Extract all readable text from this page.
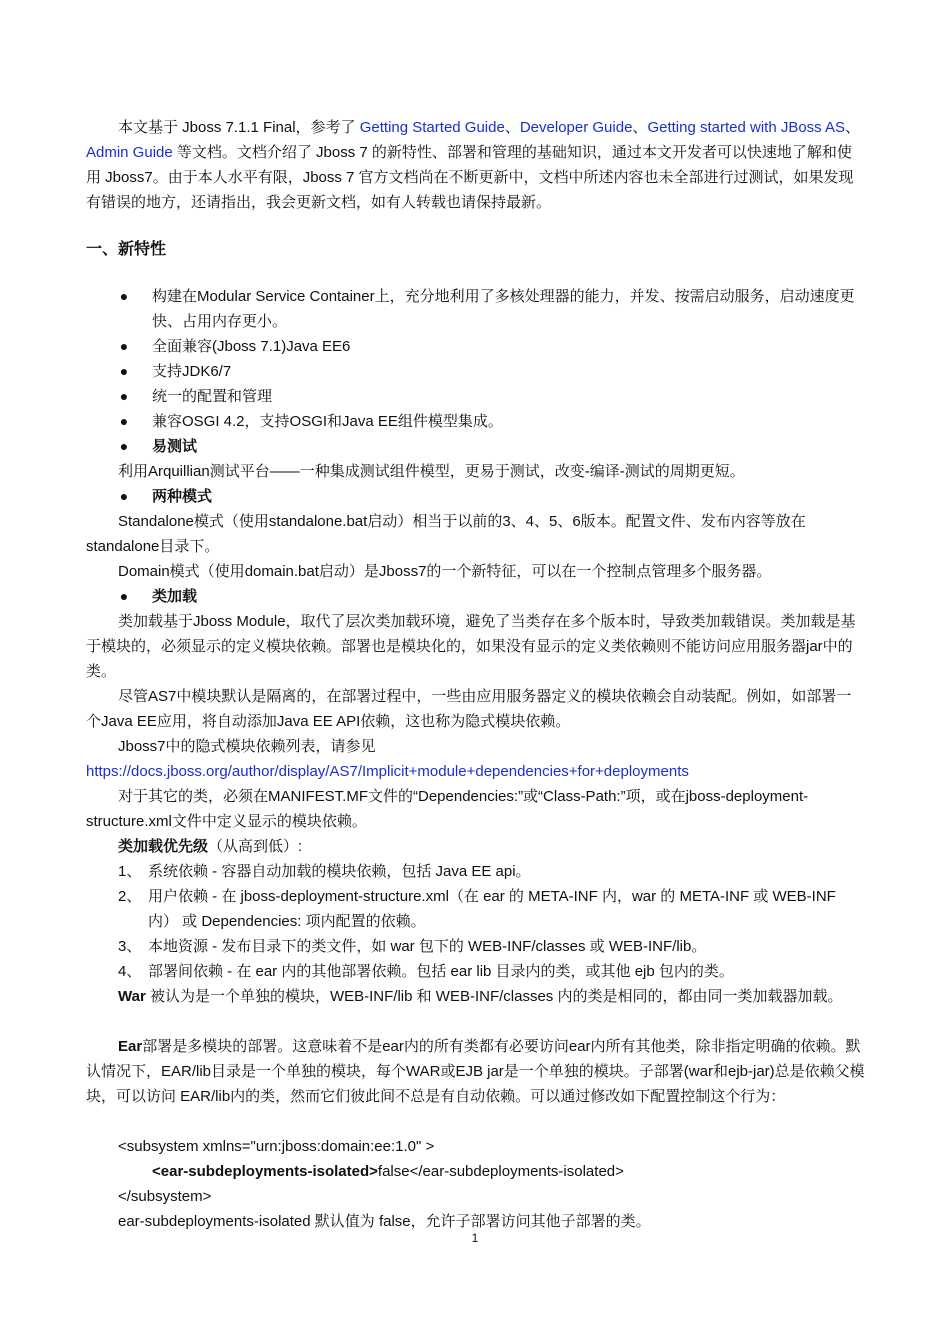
本文基于 Jboss 7.1.1 Final，参考了 Getting Started Guide、Developer Guide、Getting started with JBoss AS、Admin Guide 等文档。文档介绍了 Jboss 7 的新特性、部署和管理的基础知识，通过本文开发者可以快速地了解和使用 Jboss7。由于本人水平有限，Jboss 7 官方文档尚在不断更新中，文档中所述内容也未全部进行过测试，如果发现有错误的地方，还请指出，我会更新文档，如有人转载也请保持最新。

一、新特性
● 构建在Modular Service Container上，充分地利用了多核处理器的能力，并发、按需启动服务，启动速度更快、占用内存更小。
● 全面兼容(Jboss 7.1)Java EE6
● 支持JDK6/7
● 统一的配置和管理
● 兼容OSGI 4.2，支持OSGI和Java EE组件模型集成。
● 易测试
利用Arquillian测试平台——一种集成测试组件模型，更易于测试，改变-编译-测试的周期更短。
● 两种模式

Standalone模式（使用standalone.bat启动）相当于以前的3、4、5、6版本。配置文件、发布内容等放在standalone目录下。

Domain模式（使用domain.bat启动）是Jboss7的一个新特征，可以在一个控制点管理多个服务器。

● 类加载

类加载基于Jboss Module，取代了层次类加载环境，避免了当类存在多个版本时，导致类加载错误。类加载是基于模块的，必须显示的定义模块依赖。部署也是模块化的，如果没有显示的定义类依赖则不能访问应用服务器jar中的类。

尽管AS7中模块默认是隔离的，在部署过程中，一些由应用服务器定义的模块依赖会自动装配。例如，如部署一个Java EE应用，将自动添加Java EE API依赖，这也称为隐式模块依赖。

Jboss7中的隐式模块依赖列表，请参见

https://docs.jboss.org/author/display/AS7/Implicit+module+dependencies+for+deployments

对于其它的类，必须在MANIFEST.MF文件的“Dependencies:”或“Class-Path:”项，或在jboss-deployment-structure.xml文件中定义显示的模块依赖。

类加载优先级（从高到低）:
1、 系统依赖 - 容器自动加载的模块依赖，包括 Java EE api。
2、 用户依赖 - 在 jboss-deployment-structure.xml（在 ear 的 META-INF 内，war 的 META-INF 或 WEB-INF 内） 或 Dependencies: 项内配置的依赖。
3、 本地资源 - 发布目录下的类文件，如 war 包下的 WEB-INF/classes 或 WEB-INF/lib。
4、 部署间依赖 - 在 ear 内的其他部署依赖。包括 ear lib 目录内的类，或其他 ejb 包内的类。

War 被认为是一个单独的模块，WEB-INF/lib 和 WEB-INF/classes 内的类是相同的，都由同一类加载器加载。

Ear部署是多模块的部署。这意味着不是ear内的所有类都有必要访问ear内所有其他类，除非指定明确的依赖。默认情况下，EAR/lib目录是一个单独的模块，每个WAR或EJB jar是一个单独的模块。子部署(war和ejb-jar)总是依赖父模块，可以访问 EAR/lib内的类，然而它们彼此间不总是有自动依赖。可以通过修改如下配置控制这个行为：

<subsystem xmlns="urn:jboss:domain:ee:1.0" >
<ear-subdeployments-isolated>false</ear-subdeployments-isolated>
</subsystem>
ear-subdeployments-isolated 默认值为 false，允许子部署访问其他子部署的类。
1
